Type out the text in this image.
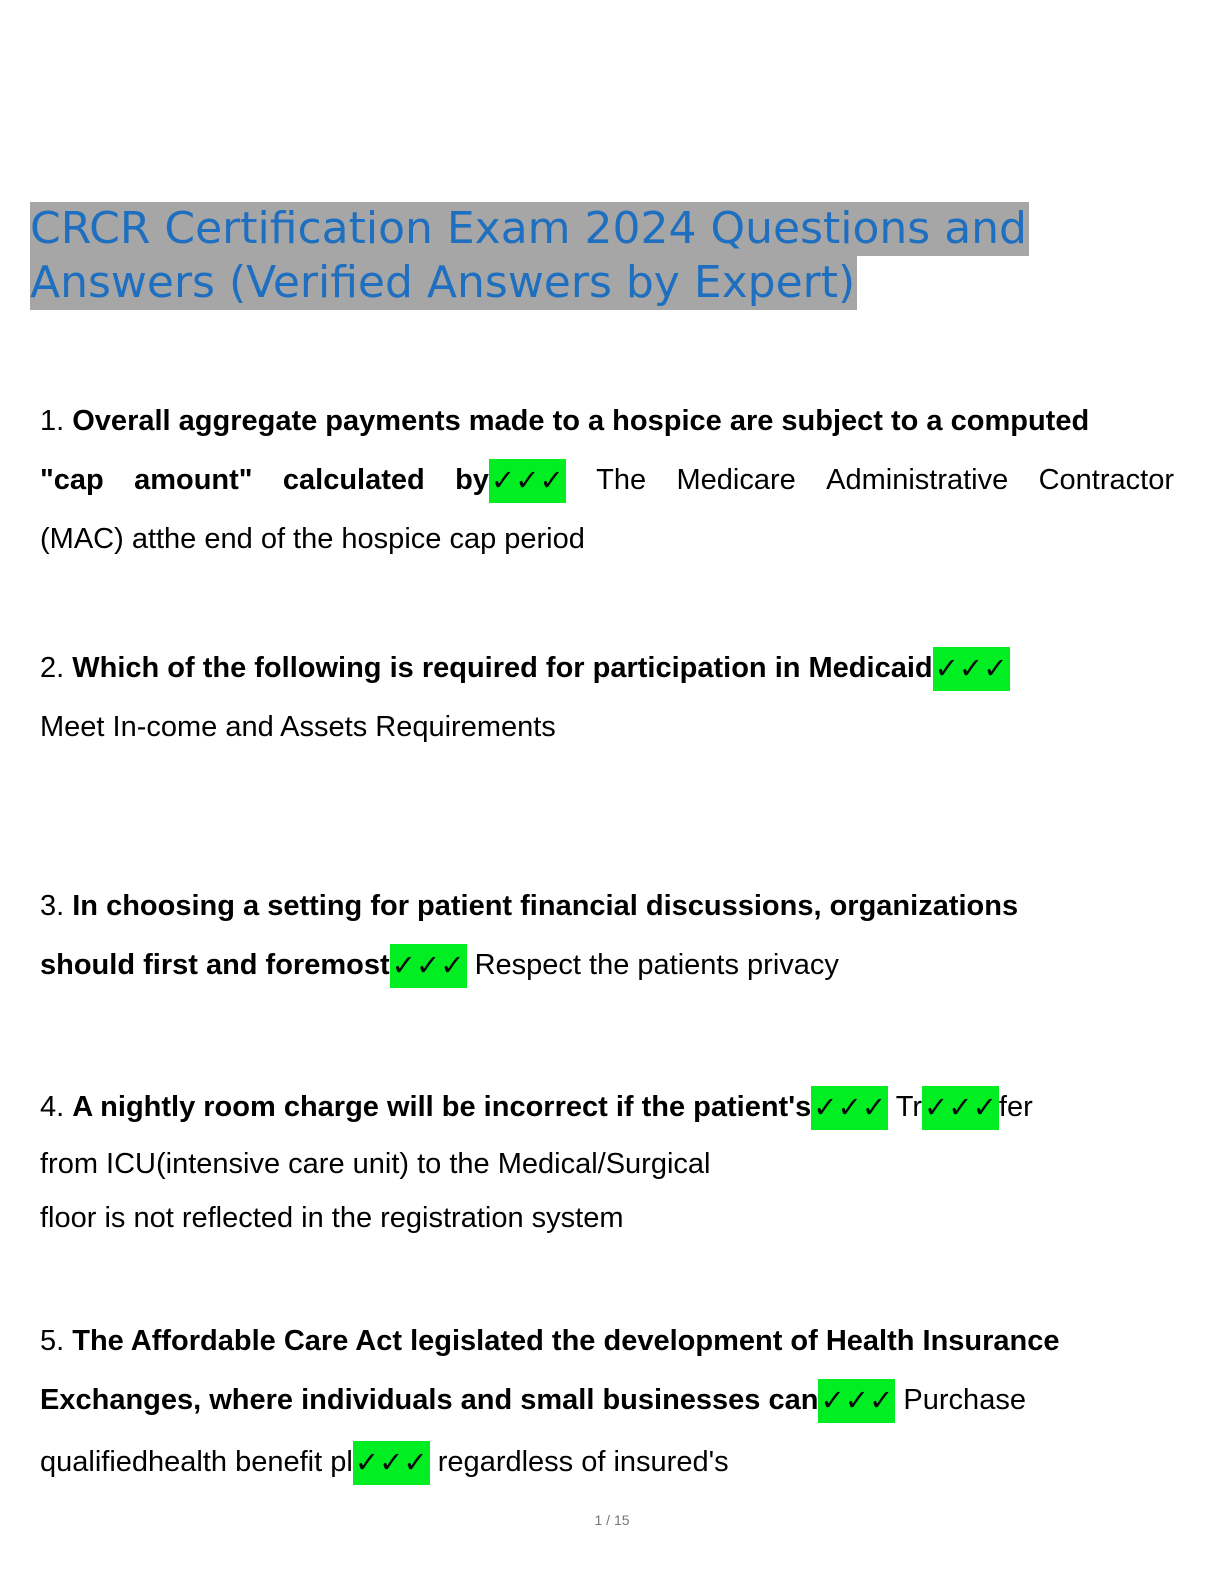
CRCR Certification Exam 2024 Questions and
Answers (Verified Answers by Expert)
1. Overall aggregate payments made to a hospice are subject to a computed
"cap amount" calculated by✓✓✓ The Medicare Administrative Contractor
(MAC) atthe end of the hospice cap period
2. Which of the following is required for participation in Medicaid✓✓✓
Meet In-come and Assets Requirements
3. In choosing a setting for patient financial discussions, organizations
should first and foremost✓✓✓ Respect the patients privacy
4. A nightly room charge will be incorrect if the patient's✓✓✓ Tr✓✓✓fer
from ICU(intensive care unit) to the Medical/Surgical
floor is not reflected in the registration system
5. The Affordable Care Act legislated the development of Health Insurance
Exchanges, where individuals and small businesses can✓✓✓ Purchase
qualifiedhealth benefit pl✓✓✓ regardless of insured's
1 / 15
